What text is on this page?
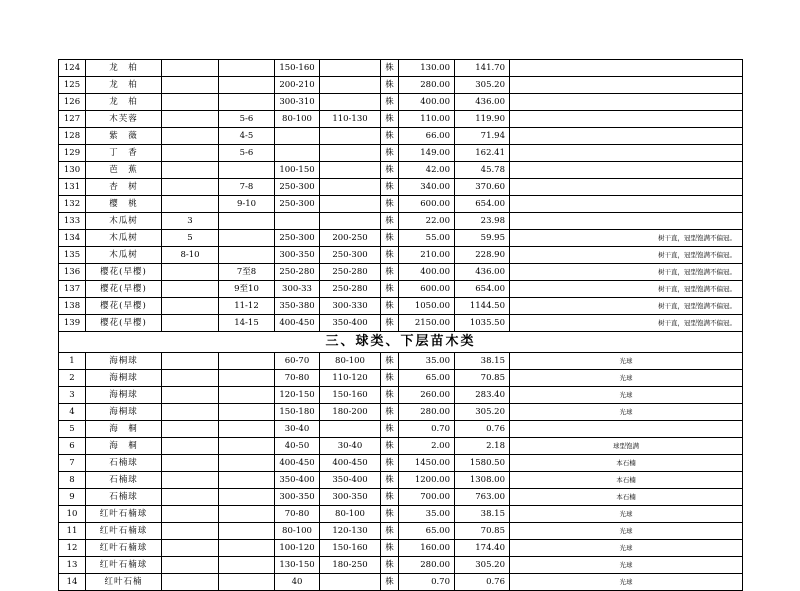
124	龙　柏			150-160		株	130.00	141.70	
125	龙　柏			200-210		株	280.00	305.20	
126	龙　柏			300-310		株	400.00	436.00	
127	木芙蓉		5-6	80-100	110-130	株	110.00	119.90	
128	紫　薇		4-5			株	66.00	71.94	
129	丁　香		5-6			株	149.00	162.41	
130	芭　蕉			100-150		株	42.00	45.78	
131	杏　树		7-8	250-300		株	340.00	370.60	
132	樱　桃		9-10	250-300		株	600.00	654.00	
133	木瓜树	3				株	22.00	23.98	
134	木瓜树	5		250-300	200-250	株	55.00	59.95	树干直，冠型饱满不偏冠。
135	木瓜树	8-10		300-350	250-300	株	210.00	228.90	树干直，冠型饱满不偏冠。
136	樱花(早樱)		7至8	250-280	250-280	株	400.00	436.00	树干直，冠型饱满不偏冠。
137	樱花(早樱)		9至10	300-33	250-280	株	600.00	654.00	树干直，冠型饱满不偏冠。
138	樱花(早樱)		11-12	350-380	300-330	株	1050.00	1144.50	树干直，冠型饱满不偏冠。
139	樱花(早樱)		14-15	400-450	350-400	株	2150.00	1035.50	树干直，冠型饱满不偏冠。
三、球类、下层苗木类									
1	海桐球			60-70	80-100	株	35.00	38.15	光球
2	海桐球			70-80	110-120	株	65.00	70.85	光球
3	海桐球			120-150	150-160	株	260.00	283.40	光球
4	海桐球			150-180	180-200	株	280.00	305.20	光球
5	海　桐			30-40		株	0.70	0.76	
6	海　桐			40-50	30-40	株	2.00	2.18	球型饱满
7	石楠球			400-450	400-450	株	1450.00	1580.50	本石楠
8	石楠球			350-400	350-400	株	1200.00	1308.00	本石楠
9	石楠球			300-350	300-350	株	700.00	763.00	本石楠
10	红叶石楠球			70-80	80-100	株	35.00	38.15	光球
11	红叶石楠球			80-100	120-130	株	65.00	70.85	光球
12	红叶石楠球			100-120	150-160	株	160.00	174.40	光球
13	红叶石楠球			130-150	180-250	株	280.00	305.20	光球
14	红叶石楠			40		株	0.70	0.76	光球
